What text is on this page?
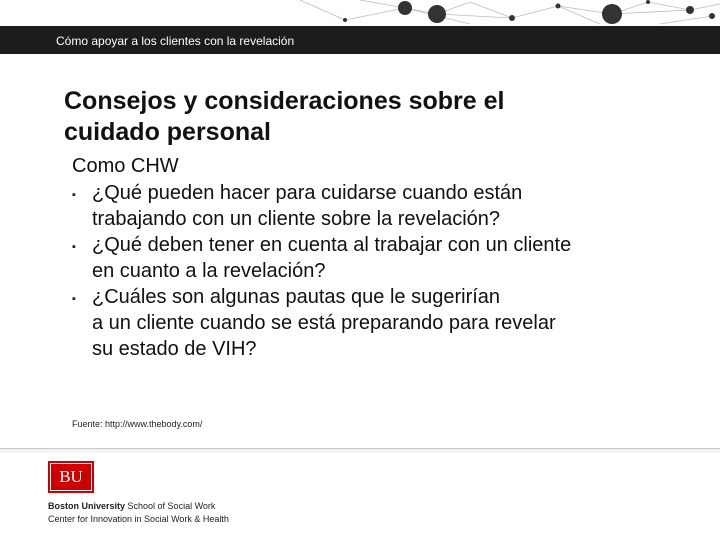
Cómo apoyar a los clientes con la revelación
Consejos y consideraciones sobre el
cuidado personal

Como CHW

▪ ¿Qué pueden hacer para cuidarse cuando están
trabajando con un cliente sobre la revelación?
▪ ¿Qué deben tener en cuenta al trabajar con un cliente
en cuanto a la revelación?
▪ ¿Cuáles son algunas pautas que le sugerirían
a un cliente cuando se está preparando para revelar
su estado de VIH?
Fuente: http://www.thebody.com/
BU
Boston University School of Social Work
Center for Innovation in Social Work & Health
